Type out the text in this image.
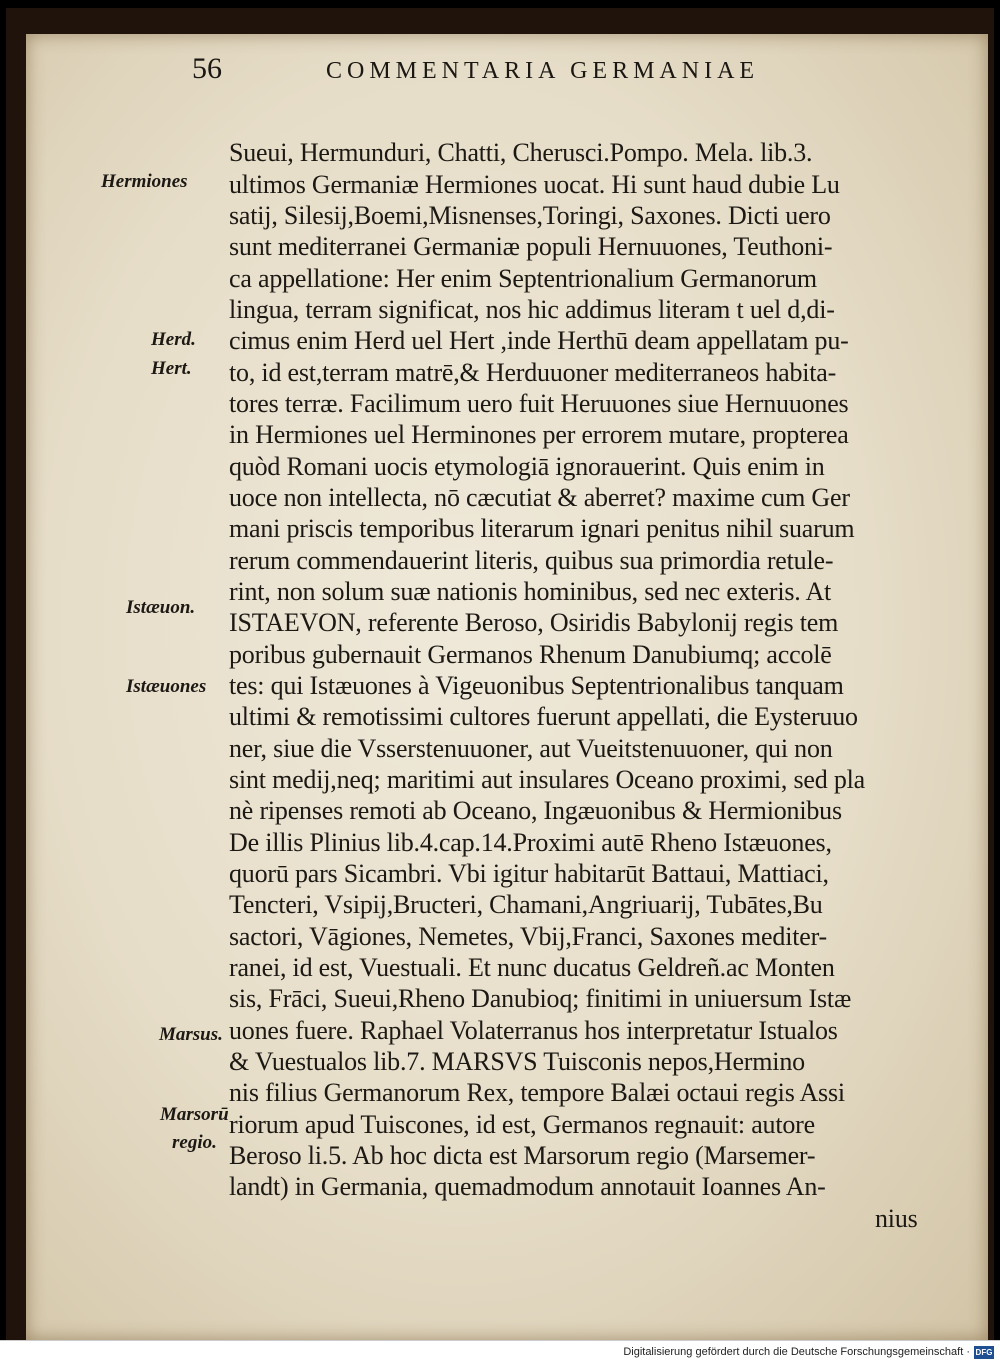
56	COMMENTARIA GERMANIAE
Sueui, Hermunduri, Chatti, Cherusci.Pompo. Mela. lib.3.
ultimos Germaniæ Hermiones uocat. Hi sunt haud dubie Lu
satij, Silesij,Boemi,Misnenses,Toringi, Saxones. Dicti uero
sunt mediterranei Germaniæ populi Hernuuones, Teuthoni-
ca appellatione: Her enim Septentrionalium Germanorum
lingua, terram significat, nos hic addimus literam t uel d,di-
cimus enim Herd uel Hert ,inde Herthū deam appellatam pu-
to, id est,terram matrē,& Herduuoner mediterraneos habita-
tores terræ. Facilimum uero fuit Heruuones siue Hernuuones
in Hermiones uel Herminones per errorem mutare, propterea
quòd Romani uocis etymologiā ignorauerint. Quis enim in
uoce non intellecta, nō cæcutiat & aberret? maxime cum Ger
mani priscis temporibus literarum ignari penitus nihil suarum
rerum commendauerint literis, quibus sua primordia retule-
rint, non solum suæ nationis hominibus, sed nec exteris. At
ISTAEVON, referente Beroso, Osiridis Babylonij regis tem
poribus gubernauit Germanos Rhenum Danubiumq; accolē
tes: qui Istæuones à Vigeuonibus Septentrionalibus tanquam
ultimi & remotissimi cultores fuerunt appellati, die Eysteruuo
ner, siue die Vsserstenuuoner, aut Vueitstenuuoner, qui non
sint medij,neq; maritimi aut insulares Oceano proximi, sed pla
nè ripenses remoti ab Oceano, Ingæuonibus & Hermionibus
De illis Plinius lib.4.cap.14.Proximi autē Rheno Istæuones,
quorū pars Sicambri. Vbi igitur habitarūt Battaui, Mattiaci,
Tencteri, Vsipij,Bructeri, Chamani,Angriuarij, Tubātes,Bu
sactori, Vāgiones, Nemetes, Vbij,Franci, Saxones mediter-
ranei, id est, Vuestuali. Et nunc ducatus Geldreñ.ac Monten
sis, Frāci, Sueui,Rheno Danubioq; finitimi in uniuersum Istæ
uones fuere. Raphael Volaterranus hos interpretatur Istualos
& Vuestualos lib.7. MARSVS Tuisconis nepos,Hermino
nis filius Germanorum Rex, tempore Balæi octaui regis Assi
riorum apud Tuiscones, id est, Germanos regnauit: autore
Beroso li.5. Ab hoc dicta est Marsorum regio (Marsemer-
landt) in Germania, quemadmodum annotauit Ioannes An-
nius
Hermiones
Herd.
Hert.
Istæuon.
Istæuones
Marsus.
Marsorū
regio.
Digitalisierung gefördert durch die Deutsche Forschungsgemeinschaft · DFG
